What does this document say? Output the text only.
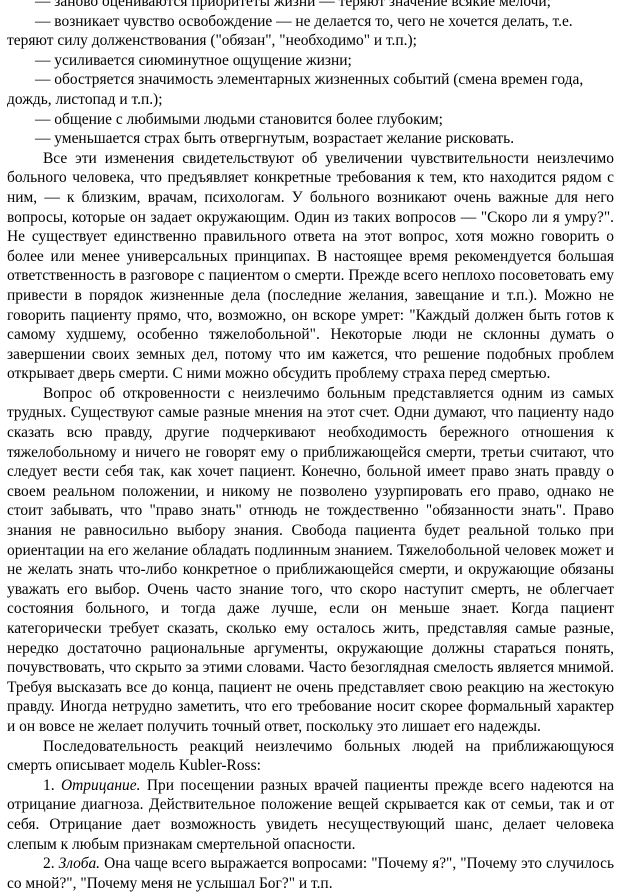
— заново оцениваются приоритеты жизни — теряют значение всякие мелочи;

— возникает чувство освобождение — не делается то, чего не хочется делать, т.е. теряют силу долженствования ("обязан", "необходимо" и т.п.);

— усиливается сиюминутное ощущение жизни;

— обостряется значимость элементарных жизненных событий (смена времен года, дождь, листопад и т.п.);

— общение с любимыми людьми становится более глубоким;

— уменьшается страх быть отвергнутым, возрастает желание рисковать.

Все эти изменения свидетельствуют об увеличении чувствительности неизлечимо больного человека, что предъявляет конкретные требования к тем, кто находится рядом с ним, — к близким, врачам, психологам. У больного возникают очень важные для него вопросы, которые он задает окружающим. Один из таких вопросов — "Скоро ли я умру?". Не существует единственно правильного ответа на этот вопрос, хотя можно говорить о более или менее универсальных принципах. В настоящее время рекомендуется большая ответственность в разговоре с пациентом о смерти. Прежде всего неплохо посоветовать ему привести в порядок жизненные дела (последние желания, завещание и т.п.). Можно не говорить пациенту прямо, что, возможно, он вскоре умрет: "Каждый должен быть готов к самому худшему, особенно тяжелобольной". Некоторые люди не склонны думать о завершении своих земных дел, потому что им кажется, что решение подобных проблем открывает дверь смерти. С ними можно обсудить проблему страха перед смертью.

Вопрос об откровенности с неизлечимо больным представляется одним из самых трудных. Существуют самые разные мнения на этот счет. Одни думают, что пациенту надо сказать всю правду, другие подчеркивают необходимость бережного отношения к тяжелобольному и ничего не говорят ему о приближающейся смерти, третьи считают, что следует вести себя так, как хочет пациент. Конечно, больной имеет право знать правду о своем реальном положении, и никому не позволено узурпировать его право, однако не стоит забывать, что "право знать" отнюдь не тождественно "обязанности знать". Право знания не равносильно выбору знания. Свобода пациента будет реальной только при ориентации на его желание обладать подлинным знанием. Тяжелобольной человек может и не желать знать что-либо конкретное о приближающейся смерти, и окружающие обязаны уважать его выбор. Очень часто знание того, что скоро наступит смерть, не облегчает состояния больного, и тогда даже лучше, если он меньше знает. Когда пациент категорически требует сказать, сколько ему осталось жить, представляя самые разные, нередко достаточно рациональные аргументы, окружающие должны стараться понять, почувствовать, что скрыто за этими словами. Часто безоглядная смелость является мнимой. Требуя высказать все до конца, пациент не очень представляет свою реакцию на жестокую правду. Иногда нетрудно заметить, что его требование носит скорее формальный характер и он вовсе не желает получить точный ответ, поскольку это лишает его надежды.

Последовательность реакций неизлечимо больных людей на приближающуюся смерть описывает модель Kubler-Ross:

1. Отрицание. При посещении разных врачей пациенты прежде всего надеются на отрицание диагноза. Действительное положение вещей скрывается как от семьи, так и от себя. Отрицание дает возможность увидеть несуществующий шанс, делает человека слепым к любым признакам смертельной опасности.

2. Злоба. Она чаще всего выражается вопросами: "Почему я?", "Почему это случилось со мной?", "Почему меня не услышал Бог?" и т.п.
